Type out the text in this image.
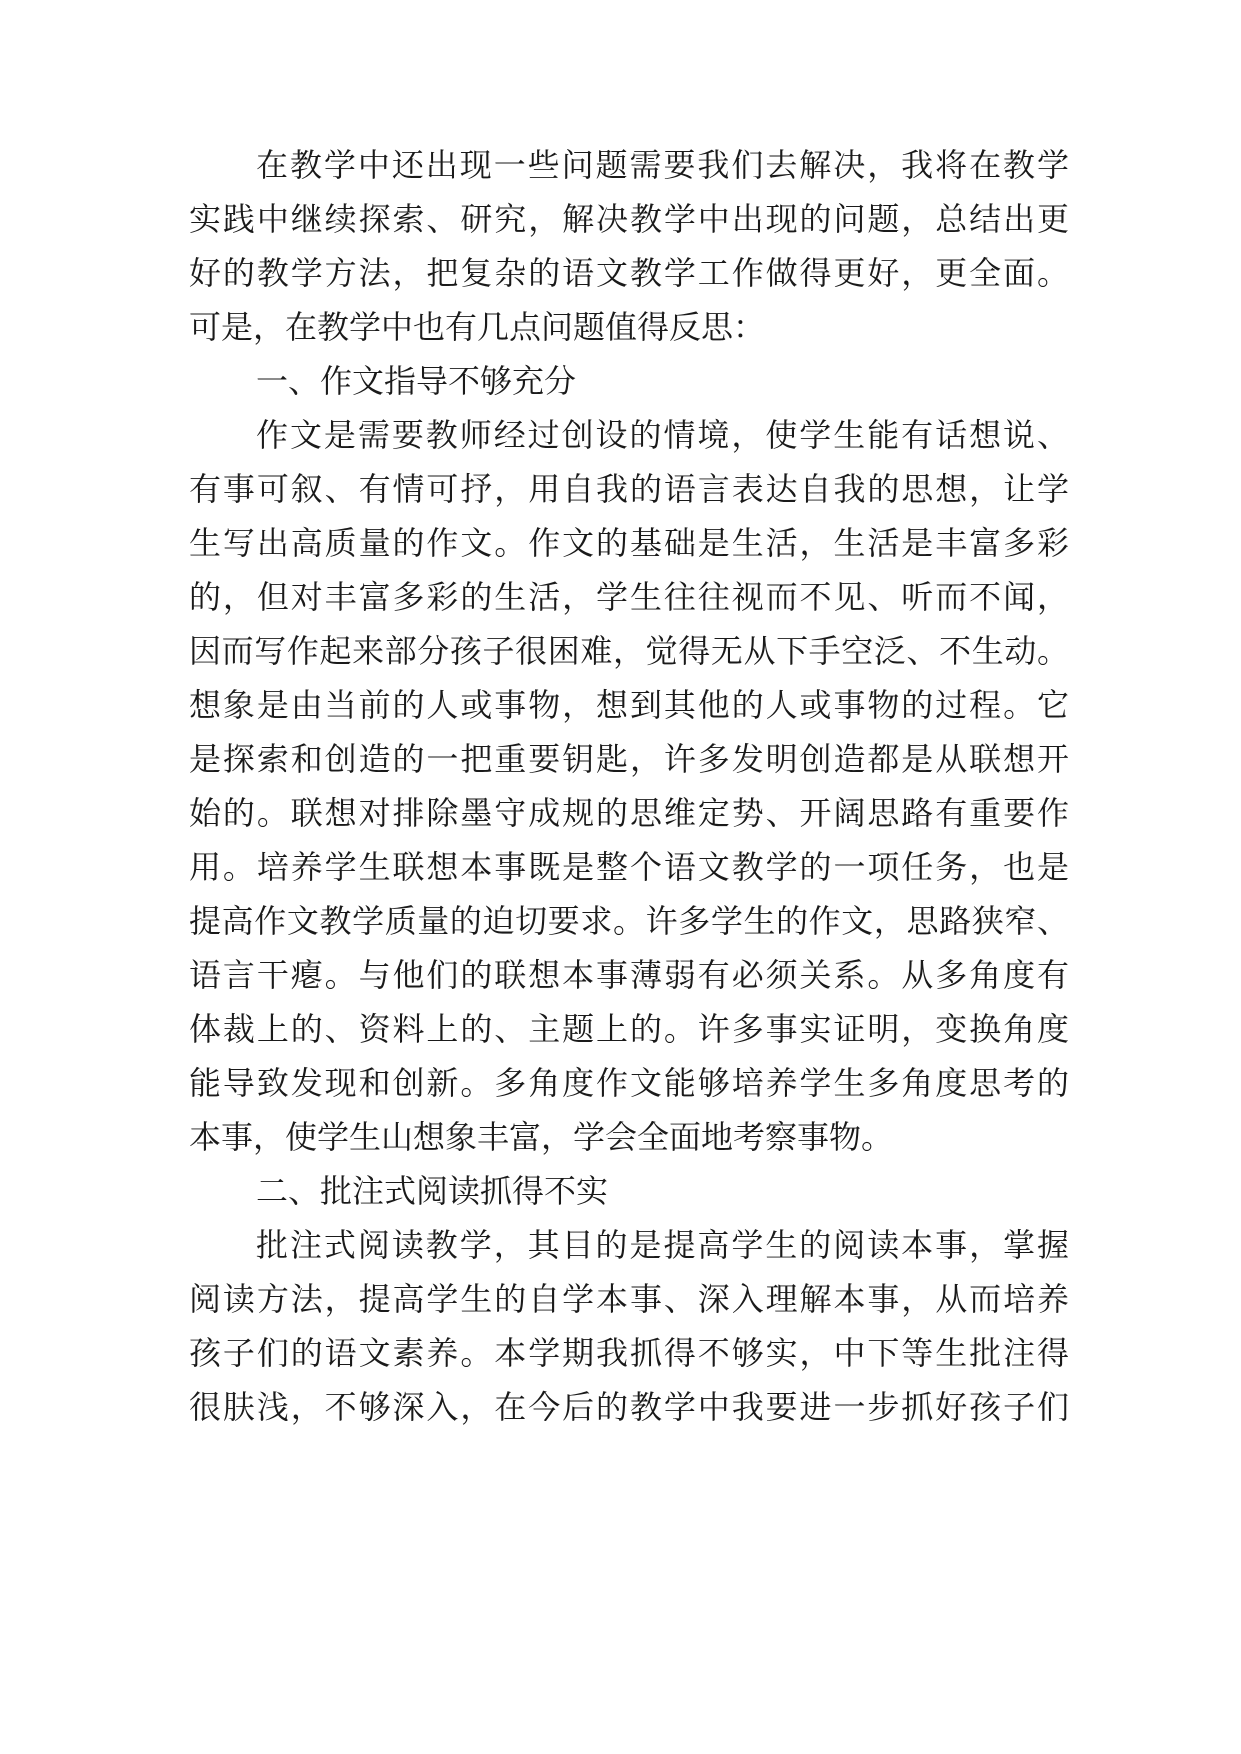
在教学中还出现一些问题需要我们去解决，我将在教学
实践中继续探索、研究，解决教学中出现的问题，总结出更
好的教学方法，把复杂的语文教学工作做得更好，更全面。
可是，在教学中也有几点问题值得反思：
一、作文指导不够充分
作文是需要教师经过创设的情境，使学生能有话想说、
有事可叙、有情可抒，用自我的语言表达自我的思想，让学
生写出高质量的作文。作文的基础是生活，生活是丰富多彩
的，但对丰富多彩的生活，学生往往视而不见、听而不闻，
因而写作起来部分孩子很困难，觉得无从下手空泛、不生动。
想象是由当前的人或事物，想到其他的人或事物的过程。它
是探索和创造的一把重要钥匙，许多发明创造都是从联想开
始的。联想对排除墨守成规的思维定势、开阔思路有重要作
用。培养学生联想本事既是整个语文教学的一项任务，也是
提高作文教学质量的迫切要求。许多学生的作文，思路狭窄、
语言干瘪。与他们的联想本事薄弱有必须关系。从多角度有
体裁上的、资料上的、主题上的。许多事实证明，变换角度
能导致发现和创新。多角度作文能够培养学生多角度思考的
本事，使学生山想象丰富，学会全面地考察事物。
二、批注式阅读抓得不实
批注式阅读教学，其目的是提高学生的阅读本事，掌握
阅读方法，提高学生的自学本事、深入理解本事，从而培养
孩子们的语文素养。本学期我抓得不够实，中下等生批注得
很肤浅，不够深入，在今后的教学中我要进一步抓好孩子们
